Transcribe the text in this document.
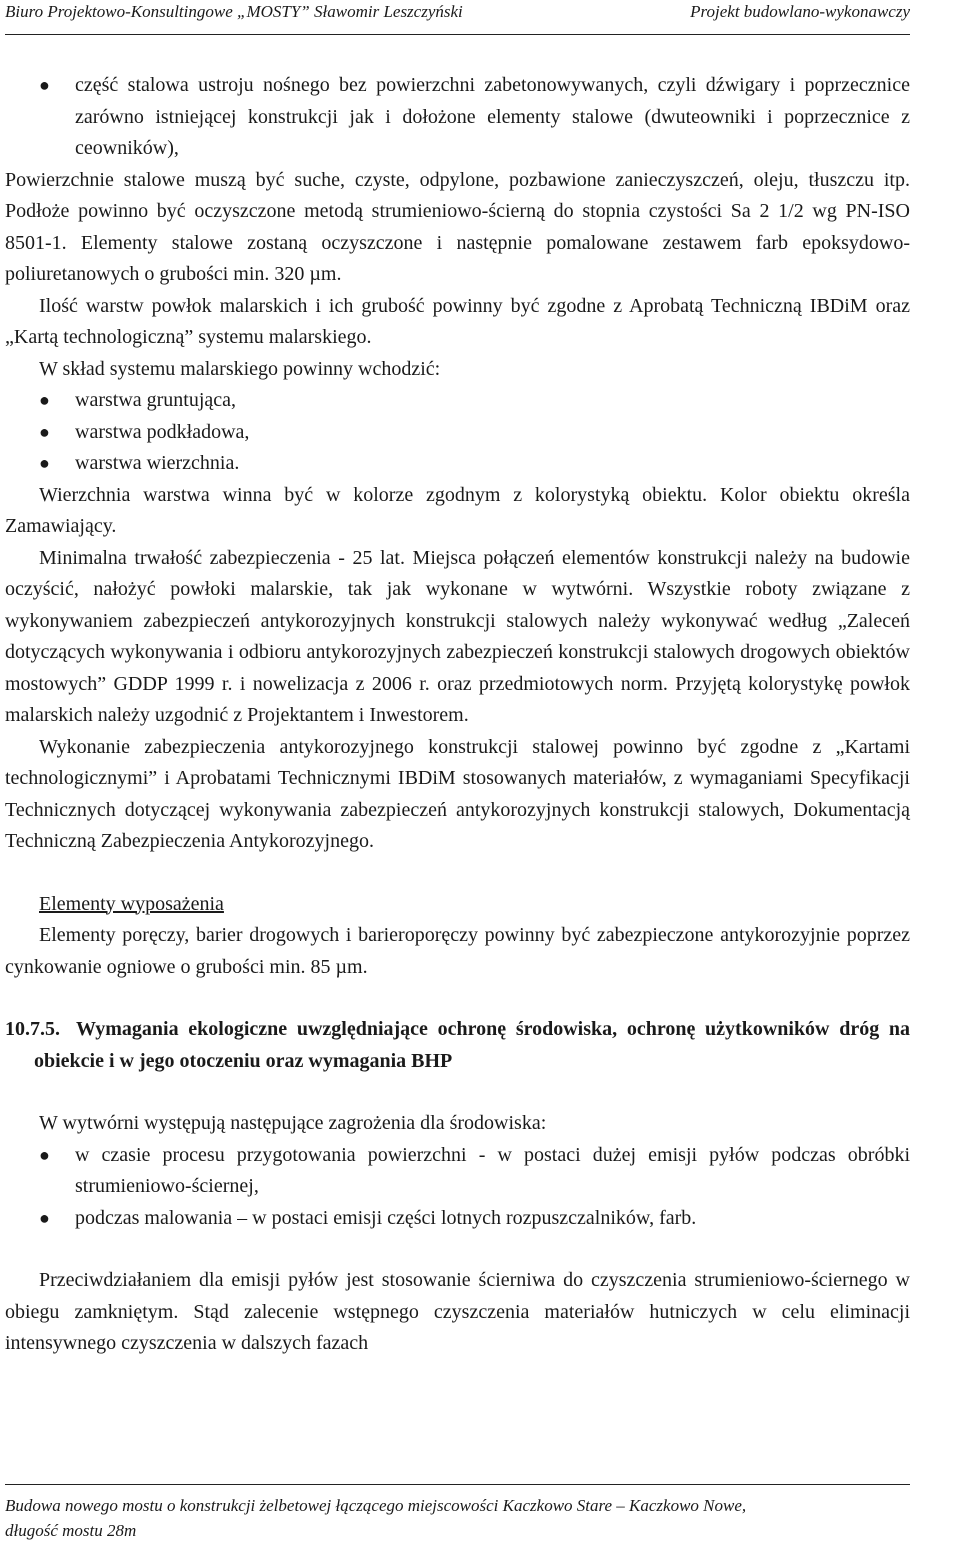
Biuro Projektowo-Konsultingowe „MOSTY” Sławomir Leszczyński	Projekt budowlano-wykonawczy

● część stalowa ustroju nośnego bez powierzchni zabetonowywanych, czyli dźwigary i poprzecznice zarówno istniejącej konstrukcji jak i dołożone elementy stalowe (dwuteowniki i poprzecznice z ceowników),

Powierzchnie stalowe muszą być suche, czyste, odpylone, pozbawione zanieczyszczeń, oleju, tłuszczu itp. Podłoże powinno być oczyszczone metodą strumieniowo-ścierną do stopnia czystości Sa 2 1/2 wg PN-ISO 8501-1. Elementy stalowe zostaną oczyszczone i następnie pomalowane zestawem farb epoksydowo-poliuretanowych o grubości min. 320 µm.

Ilość warstw powłok malarskich i ich grubość powinny być zgodne z Aprobatą Techniczną IBDiM oraz „Kartą technologiczną” systemu malarskiego.

W skład systemu malarskiego powinny wchodzić:

● warstwa gruntująca,

● warstwa podkładowa,

● warstwa wierzchnia.

Wierzchnia warstwa winna być w kolorze zgodnym z kolorystyką obiektu. Kolor obiektu określa Zamawiający.

Minimalna trwałość zabezpieczenia - 25 lat. Miejsca połączeń elementów konstrukcji należy na budowie oczyścić, nałożyć powłoki malarskie, tak jak wykonane w wytwórni. Wszystkie roboty związane z wykonywaniem zabezpieczeń antykorozyjnych konstrukcji stalowych należy wykonywać według „Zaleceń dotyczących wykonywania i odbioru antykorozyjnych zabezpieczeń konstrukcji stalowych drogowych obiektów mostowych” GDDP 1999 r. i nowelizacja z 2006 r. oraz przedmiotowych norm. Przyjętą kolorystykę powłok malarskich należy uzgodnić z Projektantem i Inwestorem.

Wykonanie zabezpieczenia antykorozyjnego konstrukcji stalowej powinno być zgodne z „Kartami technologicznymi” i Aprobatami Technicznymi IBDiM stosowanych materiałów, z wymaganiami Specyfikacji Technicznych dotyczącej wykonywania zabezpieczeń antykorozyjnych konstrukcji stalowych, Dokumentacją Techniczną Zabezpieczenia Antykorozyjnego.

Elementy wyposażenia

Elementy poręczy, barier drogowych i barieroporęczy powinny być zabezpieczone antykorozyjnie poprzez cynkowanie ogniowe o grubości min. 85 µm.

10.7.5. Wymagania ekologiczne uwzględniające ochronę środowiska, ochronę użytkowników dróg na obiekcie i w jego otoczeniu oraz wymagania BHP

W wytwórni występują następujące zagrożenia dla środowiska:

● w czasie procesu przygotowania powierzchni - w postaci dużej emisji pyłów podczas obróbki strumieniowo-ściernej,

● podczas malowania – w postaci emisji części lotnych rozpuszczalników, farb.

Przeciwdziałaniem dla emisji pyłów jest stosowanie ścierniwa do czyszczenia strumieniowo-ściernego w obiegu zamkniętym. Stąd zalecenie wstępnego czyszczenia materiałów hutniczych w celu eliminacji intensywnego czyszczenia w dalszych fazach

Budowa nowego mostu o konstrukcji żelbetowej łączącego miejscowości Kaczkowo Stare – Kaczkowo Nowe,
długość mostu 28m
